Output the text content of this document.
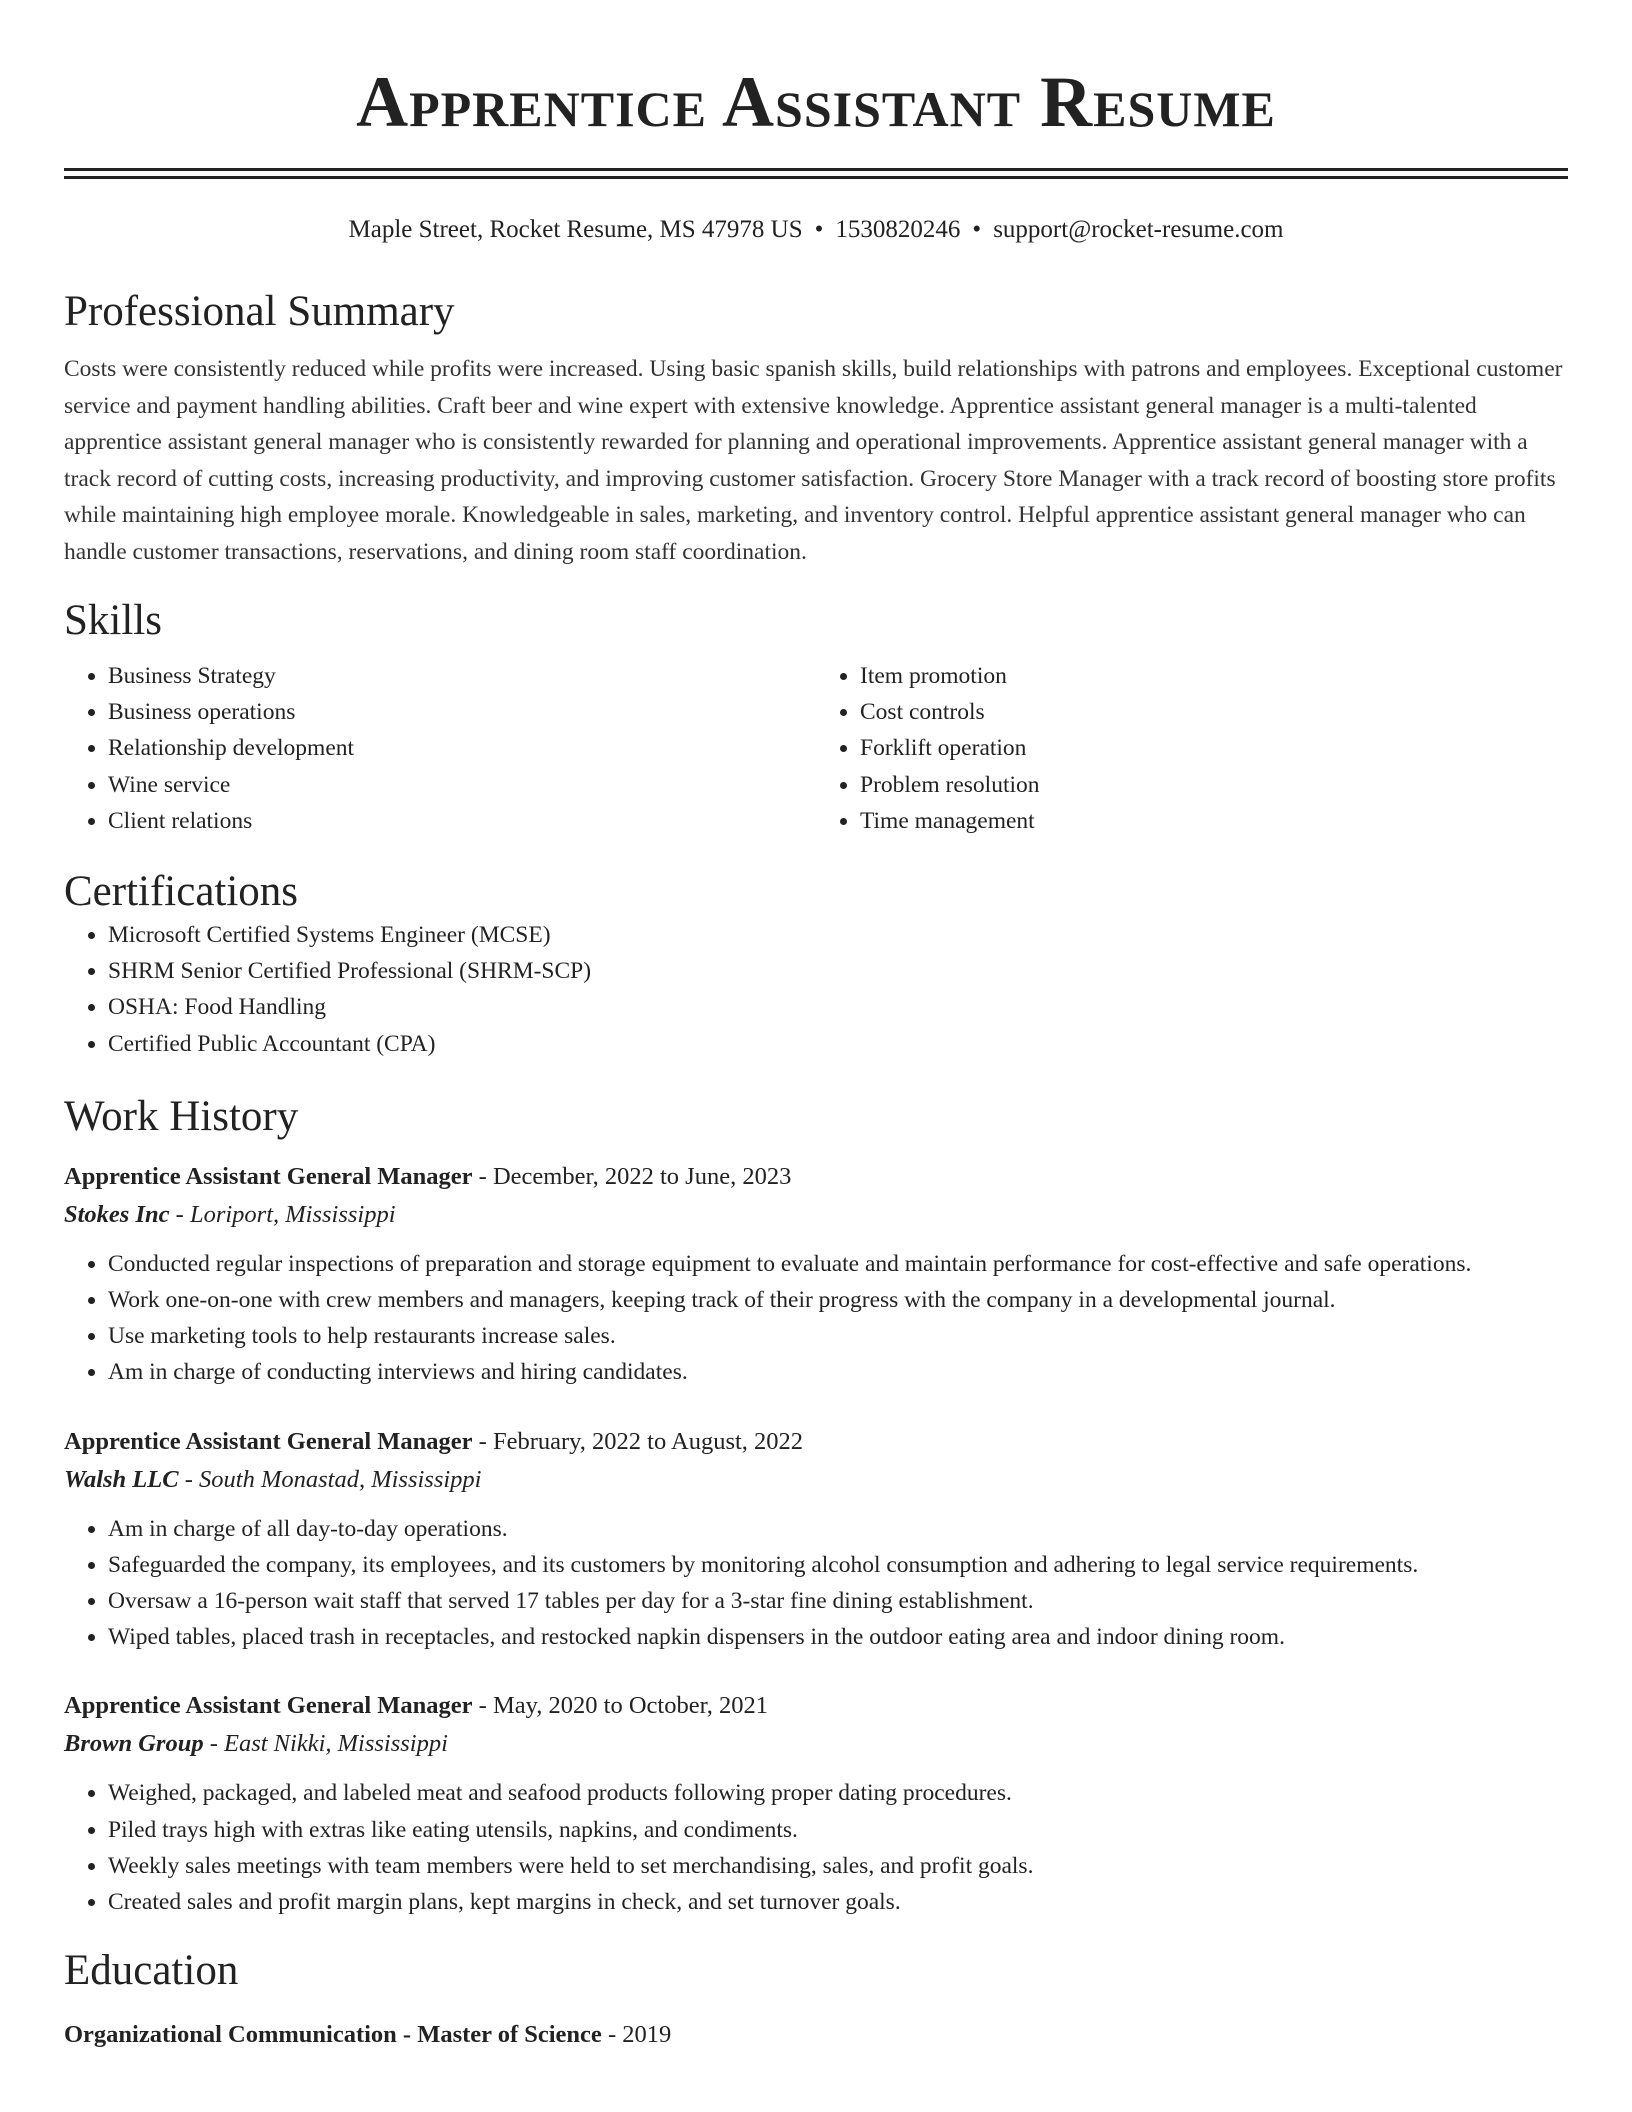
Apprentice Assistant Resume
Maple Street, Rocket Resume, MS 47978 US • 1530820246 • support@rocket-resume.com
Professional Summary

Costs were consistently reduced while profits were increased. Using basic spanish skills, build relationships with patrons and employees. Exceptional customer service and payment handling abilities. Craft beer and wine expert with extensive knowledge. Apprentice assistant general manager is a multi-talented apprentice assistant general manager who is consistently rewarded for planning and operational improvements. Apprentice assistant general manager with a track record of cutting costs, increasing productivity, and improving customer satisfaction. Grocery Store Manager with a track record of boosting store profits while maintaining high employee morale. Knowledgeable in sales, marketing, and inventory control. Helpful apprentice assistant general manager who can handle customer transactions, reservations, and dining room staff coordination.

Skills
• Business Strategy
• Business operations
• Relationship development
• Wine service
• Client relations
• Item promotion
• Cost controls
• Forklift operation
• Problem resolution
• Time management
Certifications
• Microsoft Certified Systems Engineer (MCSE)
• SHRM Senior Certified Professional (SHRM-SCP)
• OSHA: Food Handling
• Certified Public Accountant (CPA)
Work History
Apprentice Assistant General Manager - December, 2022 to June, 2023
Stokes Inc - Loriport, Mississippi
• Conducted regular inspections of preparation and storage equipment to evaluate and maintain performance for cost-effective and safe operations.
• Work one-on-one with crew members and managers, keeping track of their progress with the company in a developmental journal.
• Use marketing tools to help restaurants increase sales.
• Am in charge of conducting interviews and hiring candidates.
Apprentice Assistant General Manager - February, 2022 to August, 2022
Walsh LLC - South Monastad, Mississippi
• Am in charge of all day-to-day operations.
• Safeguarded the company, its employees, and its customers by monitoring alcohol consumption and adhering to legal service requirements.
• Oversaw a 16-person wait staff that served 17 tables per day for a 3-star fine dining establishment.
• Wiped tables, placed trash in receptacles, and restocked napkin dispensers in the outdoor eating area and indoor dining room.
Apprentice Assistant General Manager - May, 2020 to October, 2021
Brown Group - East Nikki, Mississippi
• Weighed, packaged, and labeled meat and seafood products following proper dating procedures.
• Piled trays high with extras like eating utensils, napkins, and condiments.
• Weekly sales meetings with team members were held to set merchandising, sales, and profit goals.
• Created sales and profit margin plans, kept margins in check, and set turnover goals.
Education
Organizational Communication - Master of Science - 2019
